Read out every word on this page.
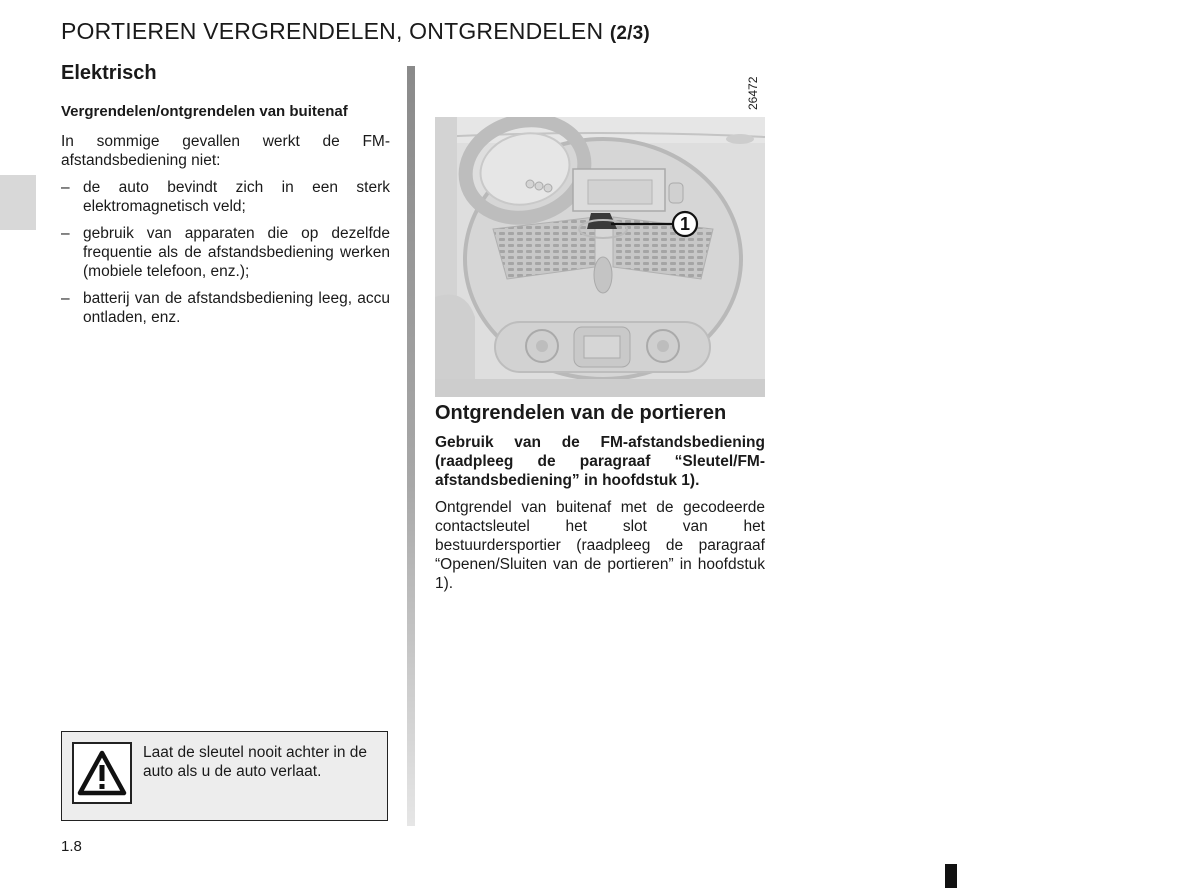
PORTIEREN VERGRENDELEN, ONTGRENDELEN (2/3)
Elektrisch
Vergrendelen/ontgrendelen van buitenaf

In sommige gevallen werkt de FM-afstandsbediening niet:

– de auto bevindt zich in een sterk elektromagnetisch veld;
– gebruik van apparaten die op dezelfde frequentie als de afstandsbediening werken (mobiele telefoon, enz.);
– batterij van de afstandsbediening leeg, accu ontladen, enz.
Laat de sleutel nooit achter in de auto als u de auto verlaat.
1.8
1
26472
Ontgrendelen van de portieren

Gebruik van de FM-afstandsbediening (raadpleeg de paragraaf “Sleutel/FM-afstandsbediening” in hoofdstuk 1).

Ontgrendel van buitenaf met de gecodeerde contactsleutel het slot van het bestuurdersportier (raadpleeg de paragraaf “Openen/Sluiten van de portieren” in hoofdstuk 1).
